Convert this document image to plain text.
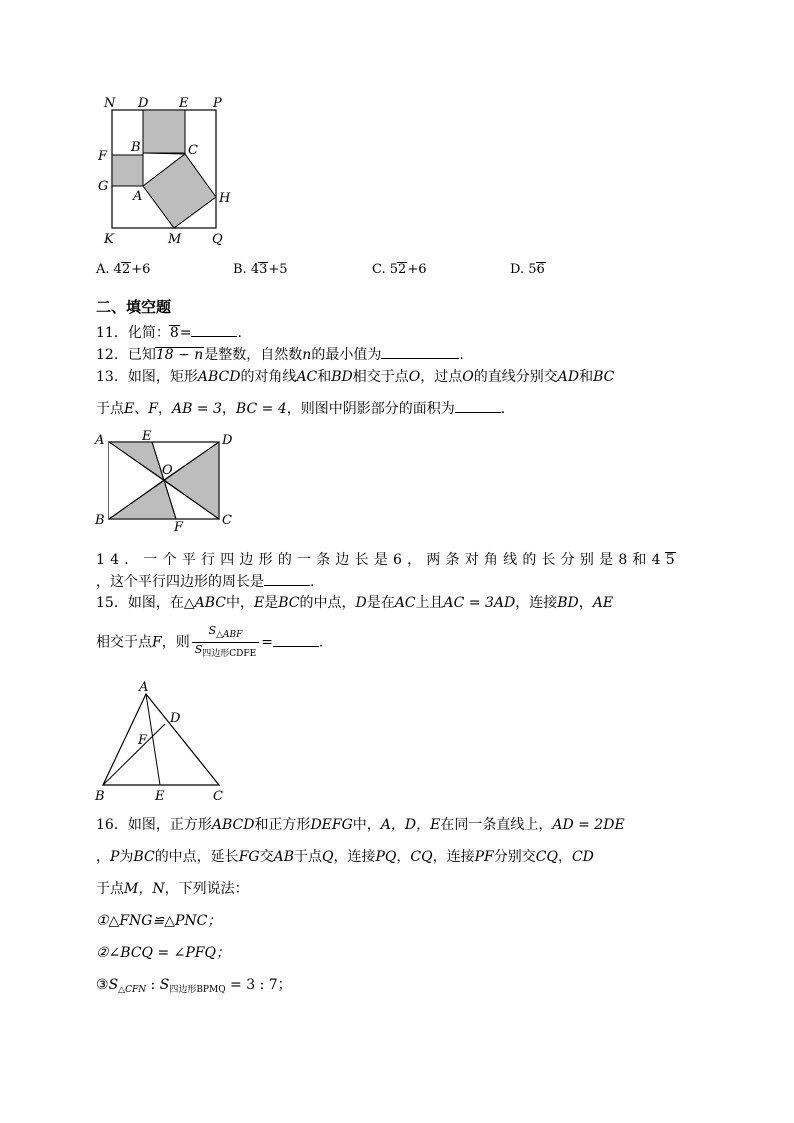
N D E P
F
B	C
G
A	H
K	M Q
A. 42+6	B. 43+5	C. 52+6	D. 56
二、填空题
11．化简：8=	.
12．已知18 − n是整数，自然数n的最小值为	.
13．如图，矩形ABCD的对角线AC和BD相交于点O，过点O的直线分别交AD和BC
于点E、F，AB = 3，BC = 4，则图中阴影部分的面积为	.
A	E	D
O
B	F	C
14．一个平行四边形的一条边长是6，两条对角线的长分别是8和45
，这个平行四边形的周长是	.
15．如图，在△ABC中，E是BC的中点，D是在AC上且AC = 3AD，连接BD，AE
相交于点F，则 $\frac{S_{\triangle ABF}}{S_{四边形CDFE}}$ =	.
A
D
F
B	E	C
16．如图，正方形ABCD和正方形DEFG中，A，D，E在同一条直线上，AD = 2DE
，P为BC的中点，延长FG交AB于点Q，连接PQ，CQ，连接PF分别交CQ，CD
于点M，N，下列说法：
①△FNG≌△PNC；
②∠BCQ = ∠PFQ；
$③S_{\triangle CFN}$ : $S_{四边形BPMQ} = 3$ : 7；
